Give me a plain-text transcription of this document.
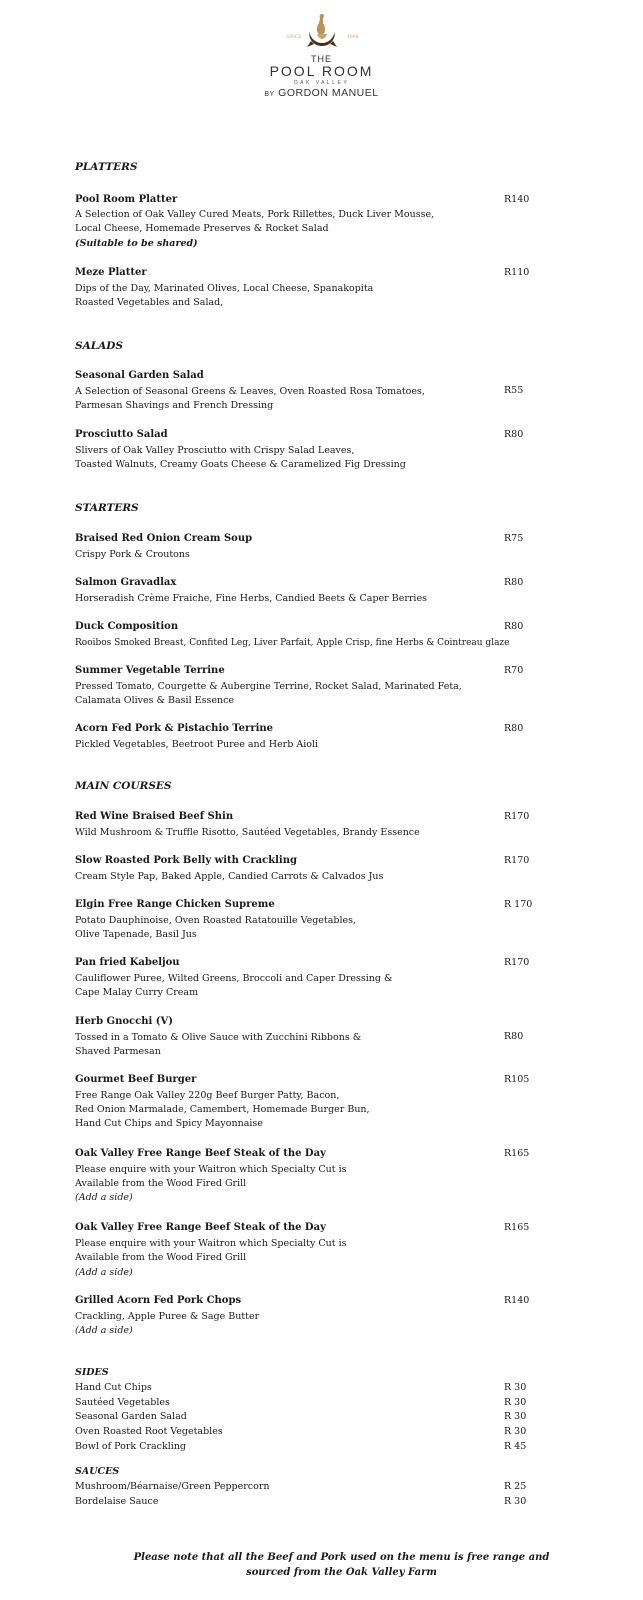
SINCE	1898
THE
POOL ROOM
OAK VALLEY
BY GORDON MANUEL
PLATTERS
Pool Room Platter	R140
A Selection of Oak Valley Cured Meats, Pork Rillettes, Duck Liver Mousse,
Local Cheese, Homemade Preserves & Rocket Salad
(Suitable to be shared)
Meze Platter	R110
Dips of the Day, Marinated Olives, Local Cheese, Spanakopita
Roasted Vegetables and Salad,
SALADS
Seasonal Garden Salad
A Selection of Seasonal Greens & Leaves, Oven Roasted Rosa Tomatoes,	R55
Parmesan Shavings and French Dressing
Prosciutto Salad	R80
Slivers of Oak Valley Prosciutto with Crispy Salad Leaves,
Toasted Walnuts, Creamy Goats Cheese & Caramelized Fig Dressing
STARTERS
Braised Red Onion Cream Soup	R75
Crispy Pork & Croutons
Salmon Gravadlax	R80
Horseradish Crème Fraiche, Fine Herbs, Candied Beets & Caper Berries
Duck Composition	R80
Rooibos Smoked Breast, Confited Leg, Liver Parfait, Apple Crisp, fine Herbs & Cointreau glaze
Summer Vegetable Terrine	R70
Pressed Tomato, Courgette & Aubergine Terrine, Rocket Salad, Marinated Feta,
Calamata Olives & Basil Essence
Acorn Fed Pork & Pistachio Terrine	R80
Pickled Vegetables, Beetroot Puree and Herb Aioli
MAIN COURSES
Red Wine Braised Beef Shin	R170
Wild Mushroom & Truffle Risotto, Sautéed Vegetables, Brandy Essence
Slow Roasted Pork Belly with Crackling	R170
Cream Style Pap, Baked Apple, Candied Carrots & Calvados Jus
Elgin Free Range Chicken Supreme	R 170
Potato Dauphinoise, Oven Roasted Ratatouille Vegetables,
Olive Tapenade, Basil Jus
Pan fried Kabeljou	R170
Cauliflower Puree, Wilted Greens, Broccoli and Caper Dressing &
Cape Malay Curry Cream
Herb Gnocchi (V)
Tossed in a Tomato & Olive Sauce with Zucchini Ribbons &	R80
Shaved Parmesan
Gourmet Beef Burger	R105
Free Range Oak Valley 220g Beef Burger Patty, Bacon,
Red Onion Marmalade, Camembert, Homemade Burger Bun,
Hand Cut Chips and Spicy Mayonnaise
Oak Valley Free Range Beef Steak of the Day	R165
Please enquire with your Waitron which Specialty Cut is
Available from the Wood Fired Grill
(Add a side)
Oak Valley Free Range Beef Steak of the Day	R165
Please enquire with your Waitron which Specialty Cut is
Available from the Wood Fired Grill
(Add a side)
Grilled Acorn Fed Pork Chops	R140
Crackling, Apple Puree & Sage Butter
(Add a side)
SIDES
Hand Cut Chips	R 30
Sautéed Vegetables	R 30
Seasonal Garden Salad	R 30
Oven Roasted Root Vegetables	R 30
Bowl of Pork Crackling	R 45
SAUCES
Mushroom/Béarnaise/Green Peppercorn	R 25
Bordelaise Sauce	R 30
Please note that all the Beef and Pork used on the menu is free range and
sourced from the Oak Valley Farm
